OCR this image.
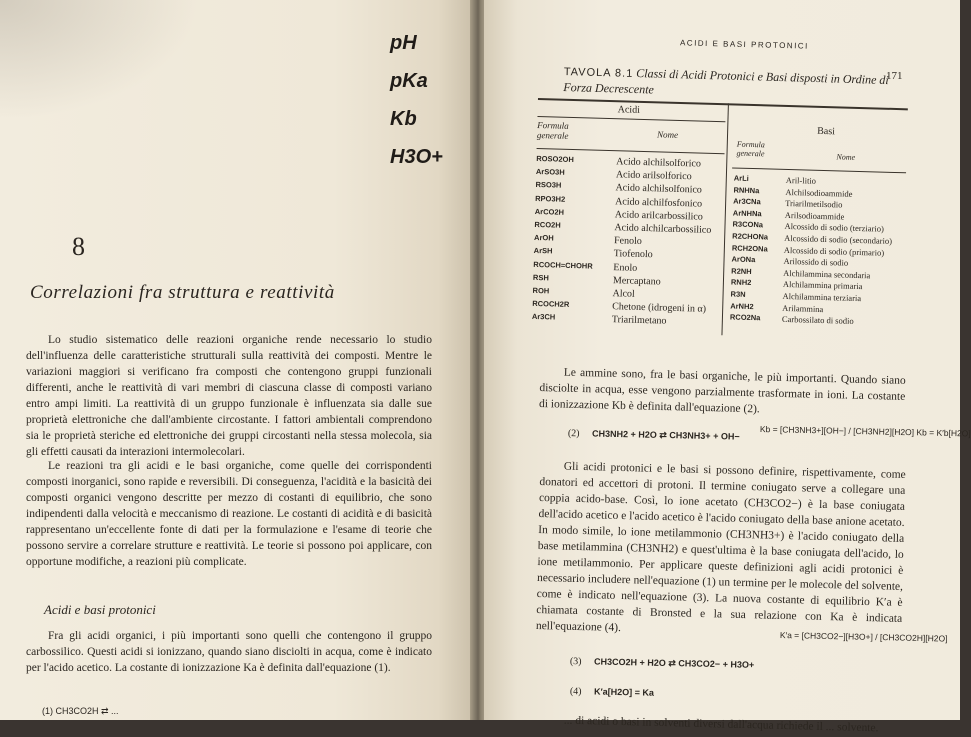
pH
pKa
Kb
H3O+
8
Correlazioni fra struttura e reattività

Lo studio sistematico delle reazioni organiche rende necessario lo studio dell'influenza delle caratteristiche strutturali sulla reattività dei composti. Mentre le variazioni maggiori si verificano fra composti che contengono gruppi funzionali differenti, anche le reattività di vari membri di ciascuna classe di composti variano entro ampi limiti. La reattività di un gruppo funzionale è influenzata sia dalle sue proprietà elettroniche che dall'ambiente circostante. I fattori ambientali comprendono sia le proprietà steriche ed elettroniche dei gruppi circostanti nella stessa molecola, sia gli effetti causati da interazioni intermolecolari.

Le reazioni tra gli acidi e le basi organiche, come quelle dei corrispondenti composti inorganici, sono rapide e reversibili. Di conseguenza, l'acidità e la basicità dei composti organici vengono descritte per mezzo di costanti di equilibrio, che sono indipendenti dalla velocità e meccanismo di reazione. Le costanti di acidità e di basicità rappresentano un'eccellente fonte di dati per la formulazione e l'esame di teorie che possono servire a correlare strutture e reattività. Le teorie si possono poi applicare, con opportune modifiche, a reazioni più complicate.

Acidi e basi protonici

Fra gli acidi organici, i più importanti sono quelli che contengono il gruppo carbossilico. Questi acidi si ionizzano, quando siano disciolti in acqua, come è indicato per l'acido acetico. La costante di ionizzazione Ka è definita dall'equazione (1).

(1) CH3CO2H ⇄ ...
ACIDI E BASI PROTONICI
171
TAVOLA 8.1 Classi di Acidi Protonici e Basi disposti in Ordine di Forza Decrescente
Acidi
Basi
Formula generale	Nome
Formula generale	Nome
ROSO2OH	Acido alchilsolforico
ArSO3H	Acido arilsolforico
RSO3H	Acido alchilsolfonico
RPO3H2	Acido alchilfosfonico
ArCO2H	Acido arilcarbossilico
RCO2H	Acido alchilcarbossilico
ArOH	Fenolo
ArSH	Tiofenolo
RCOCH=CHOHR Enolo
RSH	Mercaptano
ROH	Alcol
RCOCH2R	Chetone (idrogeni in α)
Ar3CH	Triarilmetano
ArLi	Aril-litio
RNHNa	Alchilsodioammide
Ar3CNa	Triarilmetilsodio
ArNHNa	Arilsodioammide
R3CONa	Alcossido di sodio (terziario)
R2CHONa Alcossido di sodio (secondario)
RCH2ONa Alcossido di sodio (primario)
ArONa	Arilossido di sodio
R2NH	Alchilammina secondaria
RNH2	Alchilammina primaria
R3N	Alchilammina terziaria
ArNH2	Arilammina
RCO2Na	Carbossilato di sodio

Le ammine sono, fra le basi organiche, le più importanti. Quando siano disciolte in acqua, esse vengono parzialmente trasformate in ioni. La costante di ionizzazione Kb è definita dall'equazione (2).

(2) CH3NH2 + H2O ⇄ CH3NH3+ + OH− Kb = [CH3NH3+][OH−] / [CH3NH2][H2O] Kb = K′b[H2O]

Gli acidi protonici e le basi si possono definire, rispettivamente, come donatori ed accettori di protoni. Il termine coniugato serve a collegare una coppia acido-base. Così, lo ione acetato (CH3CO2−) è la base coniugata dell'acido acetico e l'acido acetico è l'acido coniugato della base anione acetato. In modo simile, lo ione metilammonio (CH3NH3+) è l'acido coniugato della base metilammina (CH3NH2) e quest'ultima è la base coniugata dell'acido, lo ione metilammonio. Per applicare queste definizioni agli acidi protonici è necessario includere nell'equazione (1) un termine per le molecole del solvente, come è indicato nell'equazione (3). La nuova costante di equilibrio K′a è chiamata costante di Bronsted e la sua relazione con Ka è indicata nell'equazione (4).

(3) CH3CO2H + H2O ⇄ CH3CO2− + H3O+
K′a = [CH3CO2−][H3O+] / [CH3CO2H][H2O]
(4) K′a[H2O] = Ka

... di acidi o basi in solventi diversi dall'acqua richiede il ... solvente.
